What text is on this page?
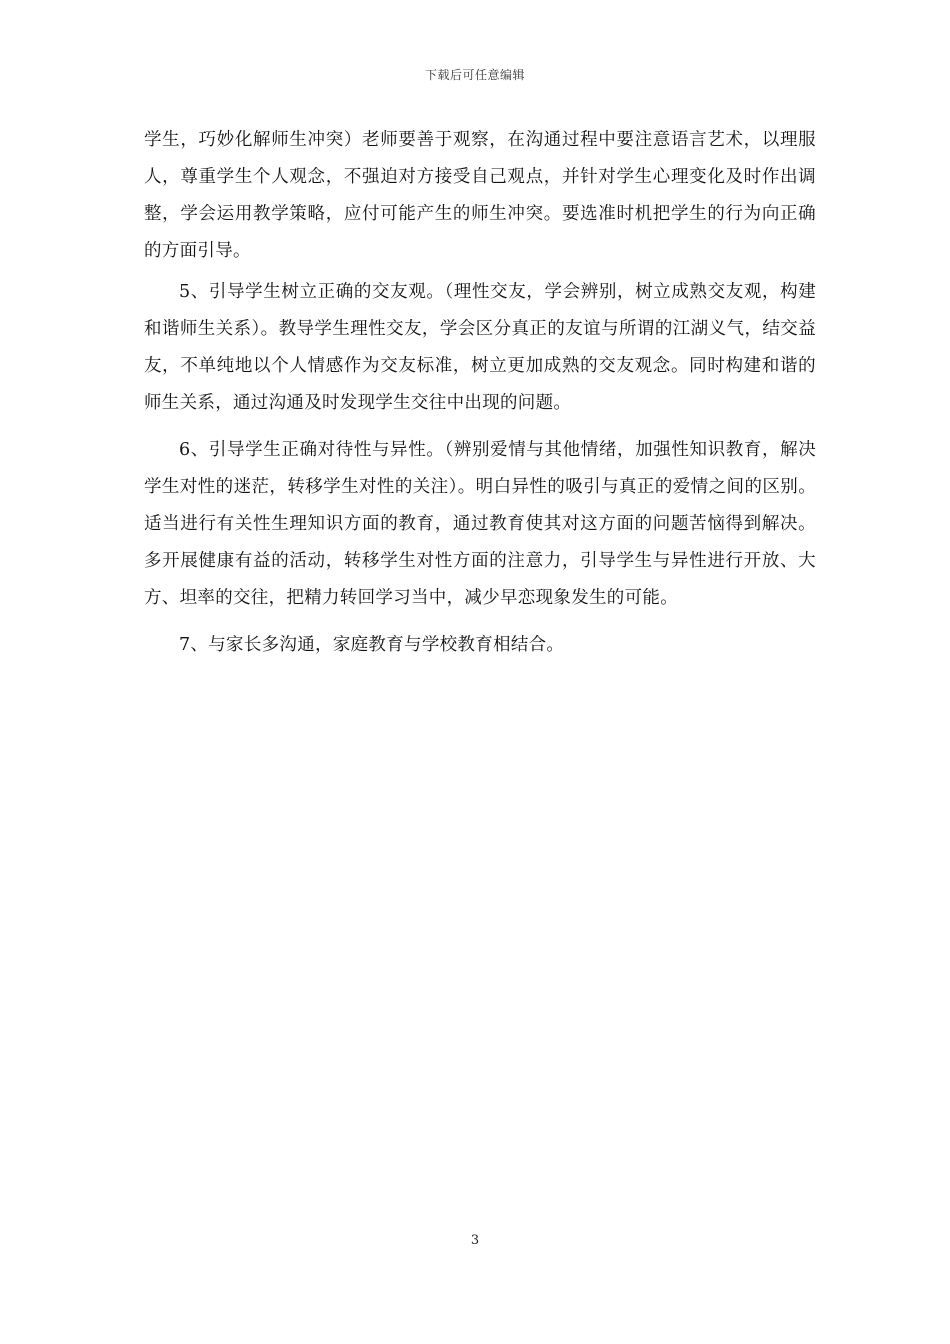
下载后可任意编辑

学生，巧妙化解师生冲突）老师要善于观察，在沟通过程中要注意语言艺术，以理服人，尊重学生个人观念，不强迫对方接受自己观点，并针对学生心理变化及时作出调整，学会运用教学策略，应付可能产生的师生冲突。要选准时机把学生的行为向正确的方面引导。

5、引导学生树立正确的交友观。（理性交友，学会辨别，树立成熟交友观，构建和谐师生关系）。教导学生理性交友，学会区分真正的友谊与所谓的江湖义气，结交益友，不单纯地以个人情感作为交友标准，树立更加成熟的交友观念。同时构建和谐的师生关系，通过沟通及时发现学生交往中出现的问题。

6、引导学生正确对待性与异性。（辨别爱情与其他情绪，加强性知识教育，解决学生对性的迷茫，转移学生对性的关注）。明白异性的吸引与真正的爱情之间的区别。适当进行有关性生理知识方面的教育，通过教育使其对这方面的问题苦恼得到解决。多开展健康有益的活动，转移学生对性方面的注意力，引导学生与异性进行开放、大方、坦率的交往，把精力转回学习当中，减少早恋现象发生的可能。

7、与家长多沟通，家庭教育与学校教育相结合。

3
